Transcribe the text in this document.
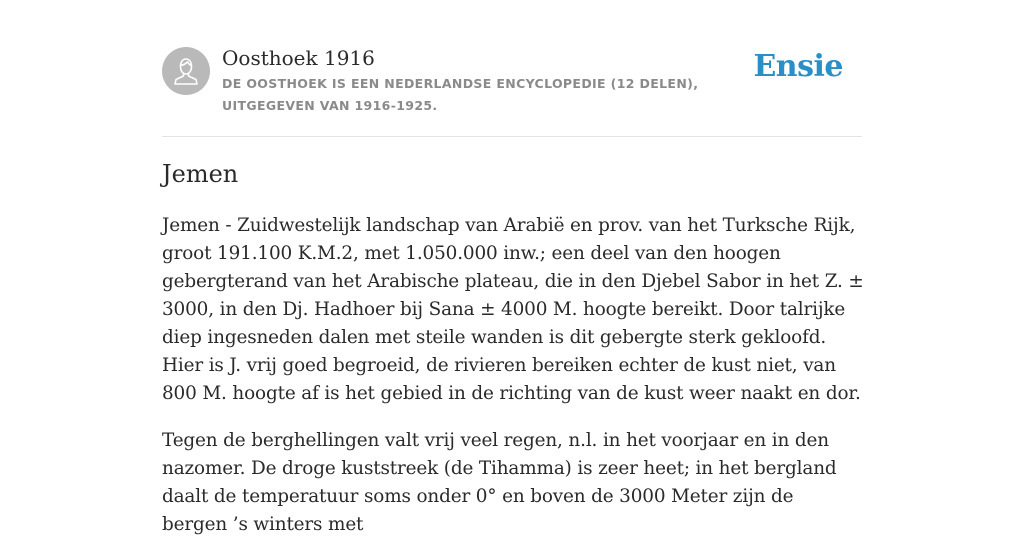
Oosthoek 1916

DE OOSTHOEK IS EEN NEDERLANDSE ENCYCLOPEDIE (12 DELEN), UITGEGEVEN VAN 1916-1925.

Ensie
Jemen

Jemen - Zuidwestelijk landschap van Arabië en prov. van het Turksche Rijk, groot 191.100 K.M.2, met 1.050.000 inw.; een deel van den hoogen gebergterand van het Arabische plateau, die in den Djebel Sabor in het Z. ± 3000, in den Dj. Hadhoer bij Sana ± 4000 M. hoogte bereikt. Door talrijke diep ingesneden dalen met steile wanden is dit gebergte sterk gekloofd. Hier is J. vrij goed begroeid, de rivieren bereiken echter de kust niet, van 800 M. hoogte af is het gebied in de richting van de kust weer naakt en dor.

Tegen de berghellingen valt vrij veel regen, n.l. in het voorjaar en in den nazomer. De droge kuststreek (de Tihamma) is zeer heet; in het bergland daalt de temperatuur soms onder 0° en boven de 3000 Meter zijn de bergen ’s winters met
